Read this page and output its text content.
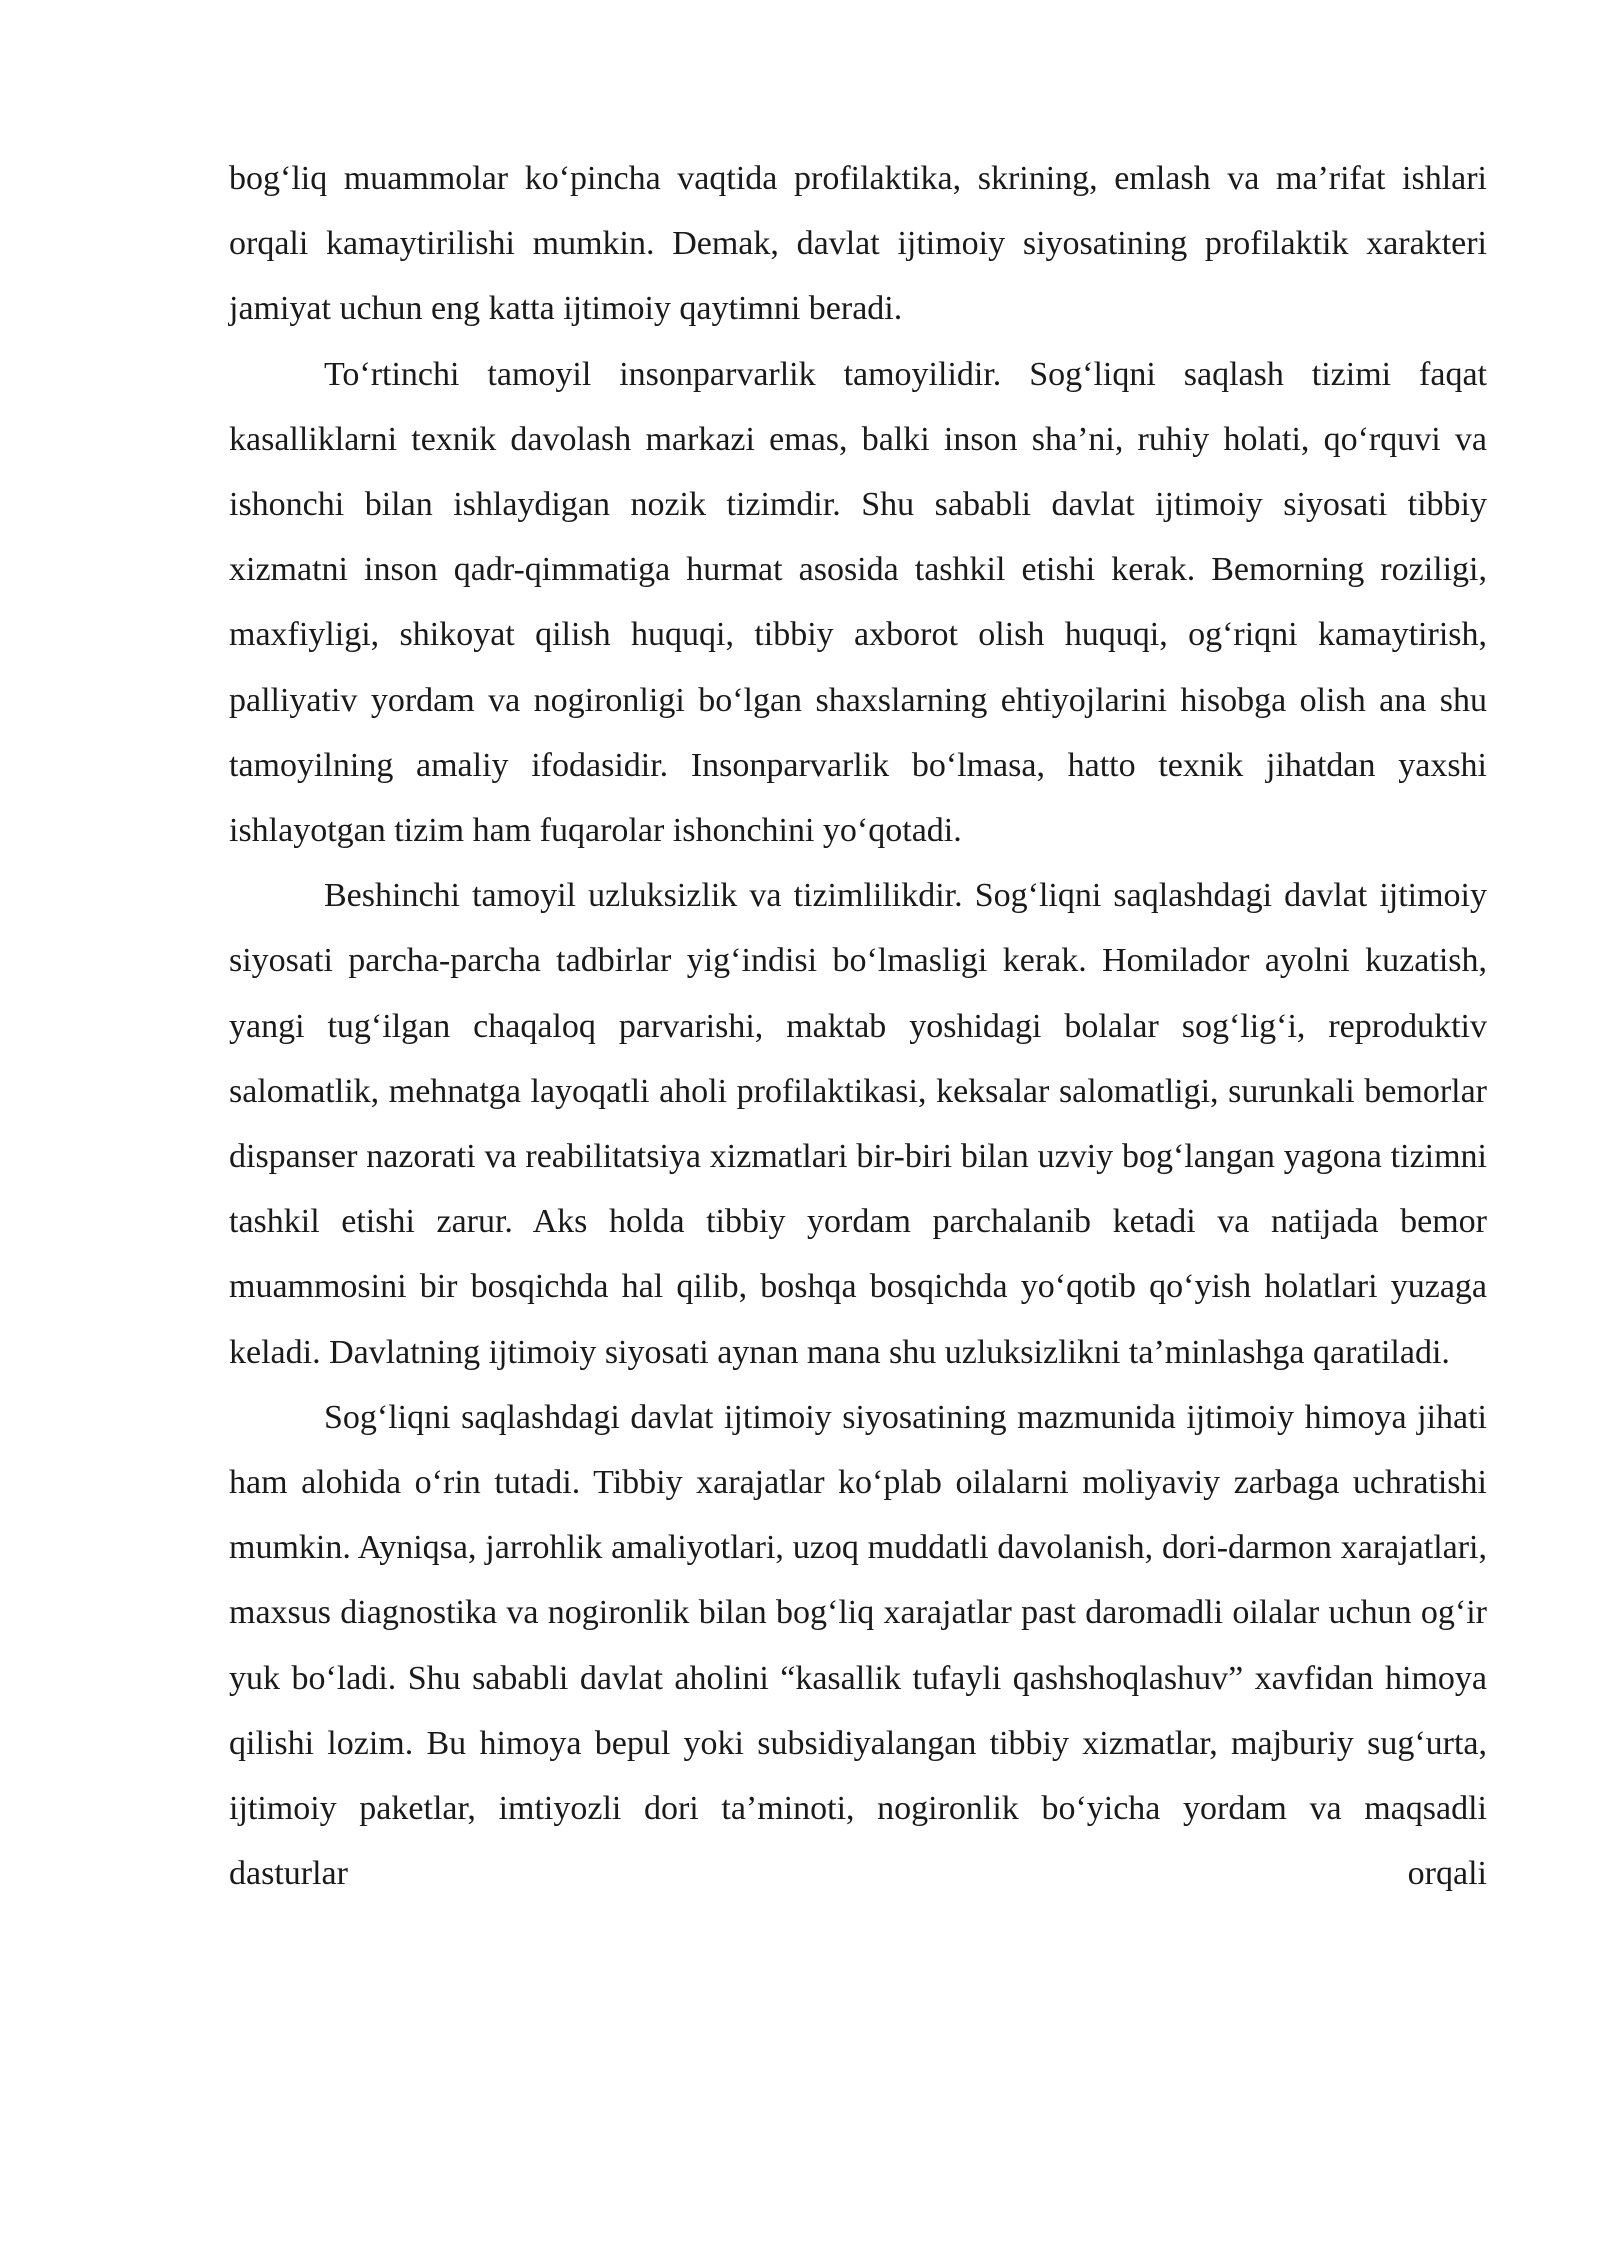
bog‘liq muammolar ko‘pincha vaqtida profilaktika, skrining, emlash va ma’rifat ishlari orqali kamaytirilishi mumkin. Demak, davlat ijtimoiy siyosatining profilaktik xarakteri jamiyat uchun eng katta ijtimoiy qaytimni beradi.

To‘rtinchi tamoyil insonparvarlik tamoyilidir. Sog‘liqni saqlash tizimi faqat kasalliklarni texnik davolash markazi emas, balki inson sha’ni, ruhiy holati, qo‘rquvi va ishonchi bilan ishlaydigan nozik tizimdir. Shu sababli davlat ijtimoiy siyosati tibbiy xizmatni inson qadr-qimmatiga hurmat asosida tashkil etishi kerak. Bemorning roziligi, maxfiyligi, shikoyat qilish huquqi, tibbiy axborot olish huquqi, og‘riqni kamaytirish, palliyativ yordam va nogironligi bo‘lgan shaxslarning ehtiyojlarini hisobga olish ana shu tamoyilning amaliy ifodasidir. Insonparvarlik bo‘lmasa, hatto texnik jihatdan yaxshi ishlayotgan tizim ham fuqarolar ishonchini yo‘qotadi.

Beshinchi tamoyil uzluksizlik va tizimlilikdir. Sog‘liqni saqlashdagi davlat ijtimoiy siyosati parcha-parcha tadbirlar yig‘indisi bo‘lmasligi kerak. Homilador ayolni kuzatish, yangi tug‘ilgan chaqaloq parvarishi, maktab yoshidagi bolalar sog‘lig‘i, reproduktiv salomatlik, mehnatga layoqatli aholi profilaktikasi, keksalar salomatligi, surunkali bemorlar dispanser nazorati va reabilitatsiya xizmatlari bir-biri bilan uzviy bog‘langan yagona tizimni tashkil etishi zarur. Aks holda tibbiy yordam parchalanib ketadi va natijada bemor muammosini bir bosqichda hal qilib, boshqa bosqichda yo‘qotib qo‘yish holatlari yuzaga keladi. Davlatning ijtimoiy siyosati aynan mana shu uzluksizlikni ta’minlashga qaratiladi.

Sog‘liqni saqlashdagi davlat ijtimoiy siyosatining mazmunida ijtimoiy himoya jihati ham alohida o‘rin tutadi. Tibbiy xarajatlar ko‘plab oilalarni moliyaviy zarbaga uchratishi mumkin. Ayniqsa, jarrohlik amaliyotlari, uzoq muddatli davolanish, dori-darmon xarajatlari, maxsus diagnostika va nogironlik bilan bog‘liq xarajatlar past daromadli oilalar uchun og‘ir yuk bo‘ladi. Shu sababli davlat aholini “kasallik tufayli qashshoqlashuv” xavfidan himoya qilishi lozim. Bu himoya bepul yoki subsidiyalangan tibbiy xizmatlar, majburiy sug‘urta, ijtimoiy paketlar, imtiyozli dori ta’minoti, nogironlik bo‘yicha yordam va maqsadli dasturlar orqali
